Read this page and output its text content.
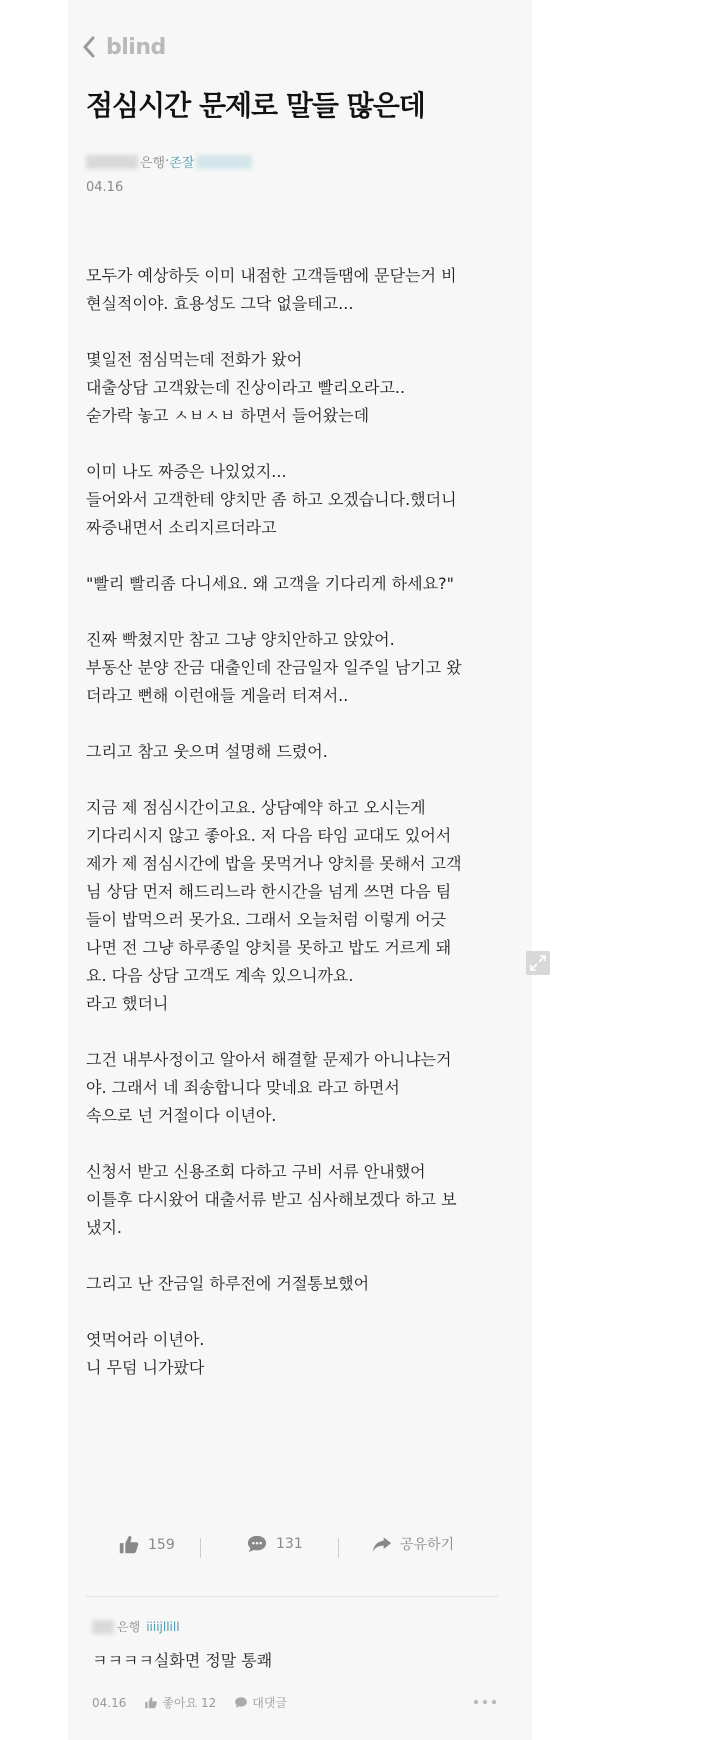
blind
점심시간 문제로 말들 많은데
은행 · 존잘
04.16

모두가 예상하듯 이미 내점한 고객들땜에 문닫는거 비
현실적이야. 효용성도 그닥 없을테고...

몇일전 점심먹는데 전화가 왔어
대출상담 고객왔는데 진상이라고 빨리오라고..
숟가락 놓고 ㅅㅂㅅㅂ 하면서 들어왔는데

이미 나도 짜증은 나있었지...
들어와서 고객한테 양치만 좀 하고 오겠습니다.했더니
짜증내면서 소리지르더라고

"빨리 빨리좀 다니세요. 왜 고객을 기다리게 하세요?"

진짜 빡쳤지만 참고 그냥 양치안하고 앉았어.
부동산 분양 잔금 대출인데 잔금일자 일주일 남기고 왔
더라고 뻔해 이런애들 게을러 터져서..

그리고 참고 웃으며 설명해 드렸어.

지금 제 점심시간이고요. 상담예약 하고 오시는게
기다리시지 않고 좋아요. 저 다음 타임 교대도 있어서
제가 제 점심시간에 밥을 못먹거나 양치를 못해서 고객
님 상담 먼저 해드리느라 한시간을 넘게 쓰면 다음 팀
들이 밥먹으러 못가요. 그래서 오늘처럼 이렇게 어긋
나면 전 그냥 하루종일 양치를 못하고 밥도 거르게 돼
요. 다음 상담 고객도 계속 있으니까요.
라고 했더니

그건 내부사정이고 알아서 해결할 문제가 아니냐는거
야. 그래서 네 죄송합니다 맞네요 라고 하면서
속으로 넌 거절이다 이년아.

신청서 받고 신용조회 다하고 구비 서류 안내했어
이틀후 다시왔어 대출서류 받고 심사해보겠다 하고 보
냈지.

그리고 난 잔금일 하루전에 거절통보했어

엿먹어라 이년아.
니 무덤 니가팠다

159	131	공유하기
은행 iiiijllill
ㅋㅋㅋㅋ실화면 정말 통쾌
04.16	좋아요 12	대댓글
